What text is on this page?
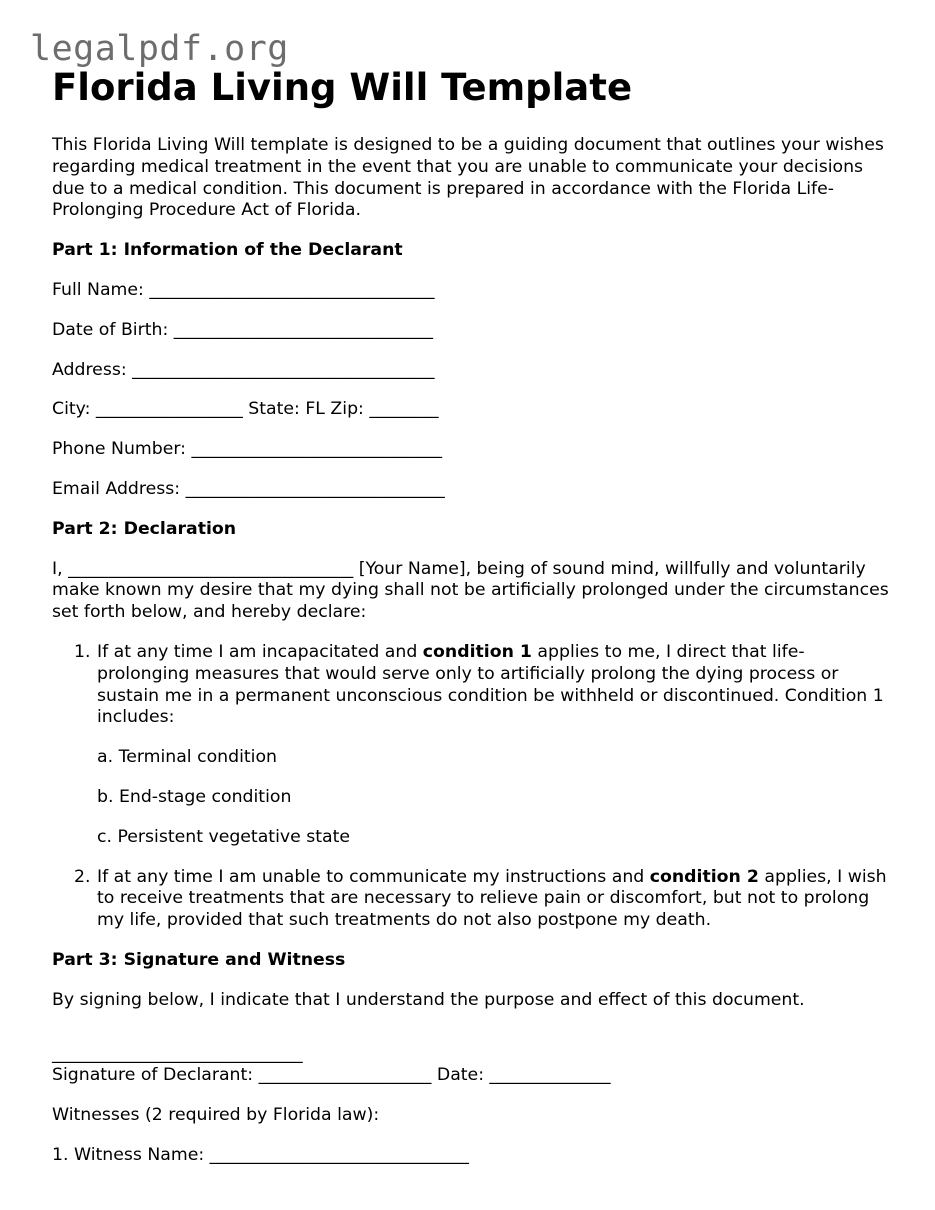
legalpdf.org
Florida Living Will Template
This Florida Living Will template is designed to be a guiding document that outlines your wishes regarding medical treatment in the event that you are unable to communicate your decisions due to a medical condition. This document is prepared in accordance with the Florida Life-Prolonging Procedure Act of Florida.
Part 1: Information of the Declarant
Full Name: _________________________________
Date of Birth: ______________________________
Address: ___________________________________
City: _________________ State: FL Zip: ________
Phone Number: _____________________________
Email Address: ______________________________
Part 2: Declaration
I, _________________________________ [Your Name], being of sound mind, willfully and voluntarily make known my desire that my dying shall not be artificially prolonged under the circumstances set forth below, and hereby declare:
1. If at any time I am incapacitated and condition 1 applies to me, I direct that life-prolonging measures that would serve only to artificially prolong the dying process or sustain me in a permanent unconscious condition be withheld or discontinued. Condition 1 includes:
a. Terminal condition
b. End-stage condition
c. Persistent vegetative state
2. If at any time I am unable to communicate my instructions and condition 2 applies, I wish to receive treatments that are necessary to relieve pain or discomfort, but not to prolong my life, provided that such treatments do not also postpone my death.
Part 3: Signature and Witness
By signing below, I indicate that I understand the purpose and effect of this document.
_____________________________
Signature of Declarant: ____________________ Date: ______________
Witnesses (2 required by Florida law):
1. Witness Name: ______________________________
